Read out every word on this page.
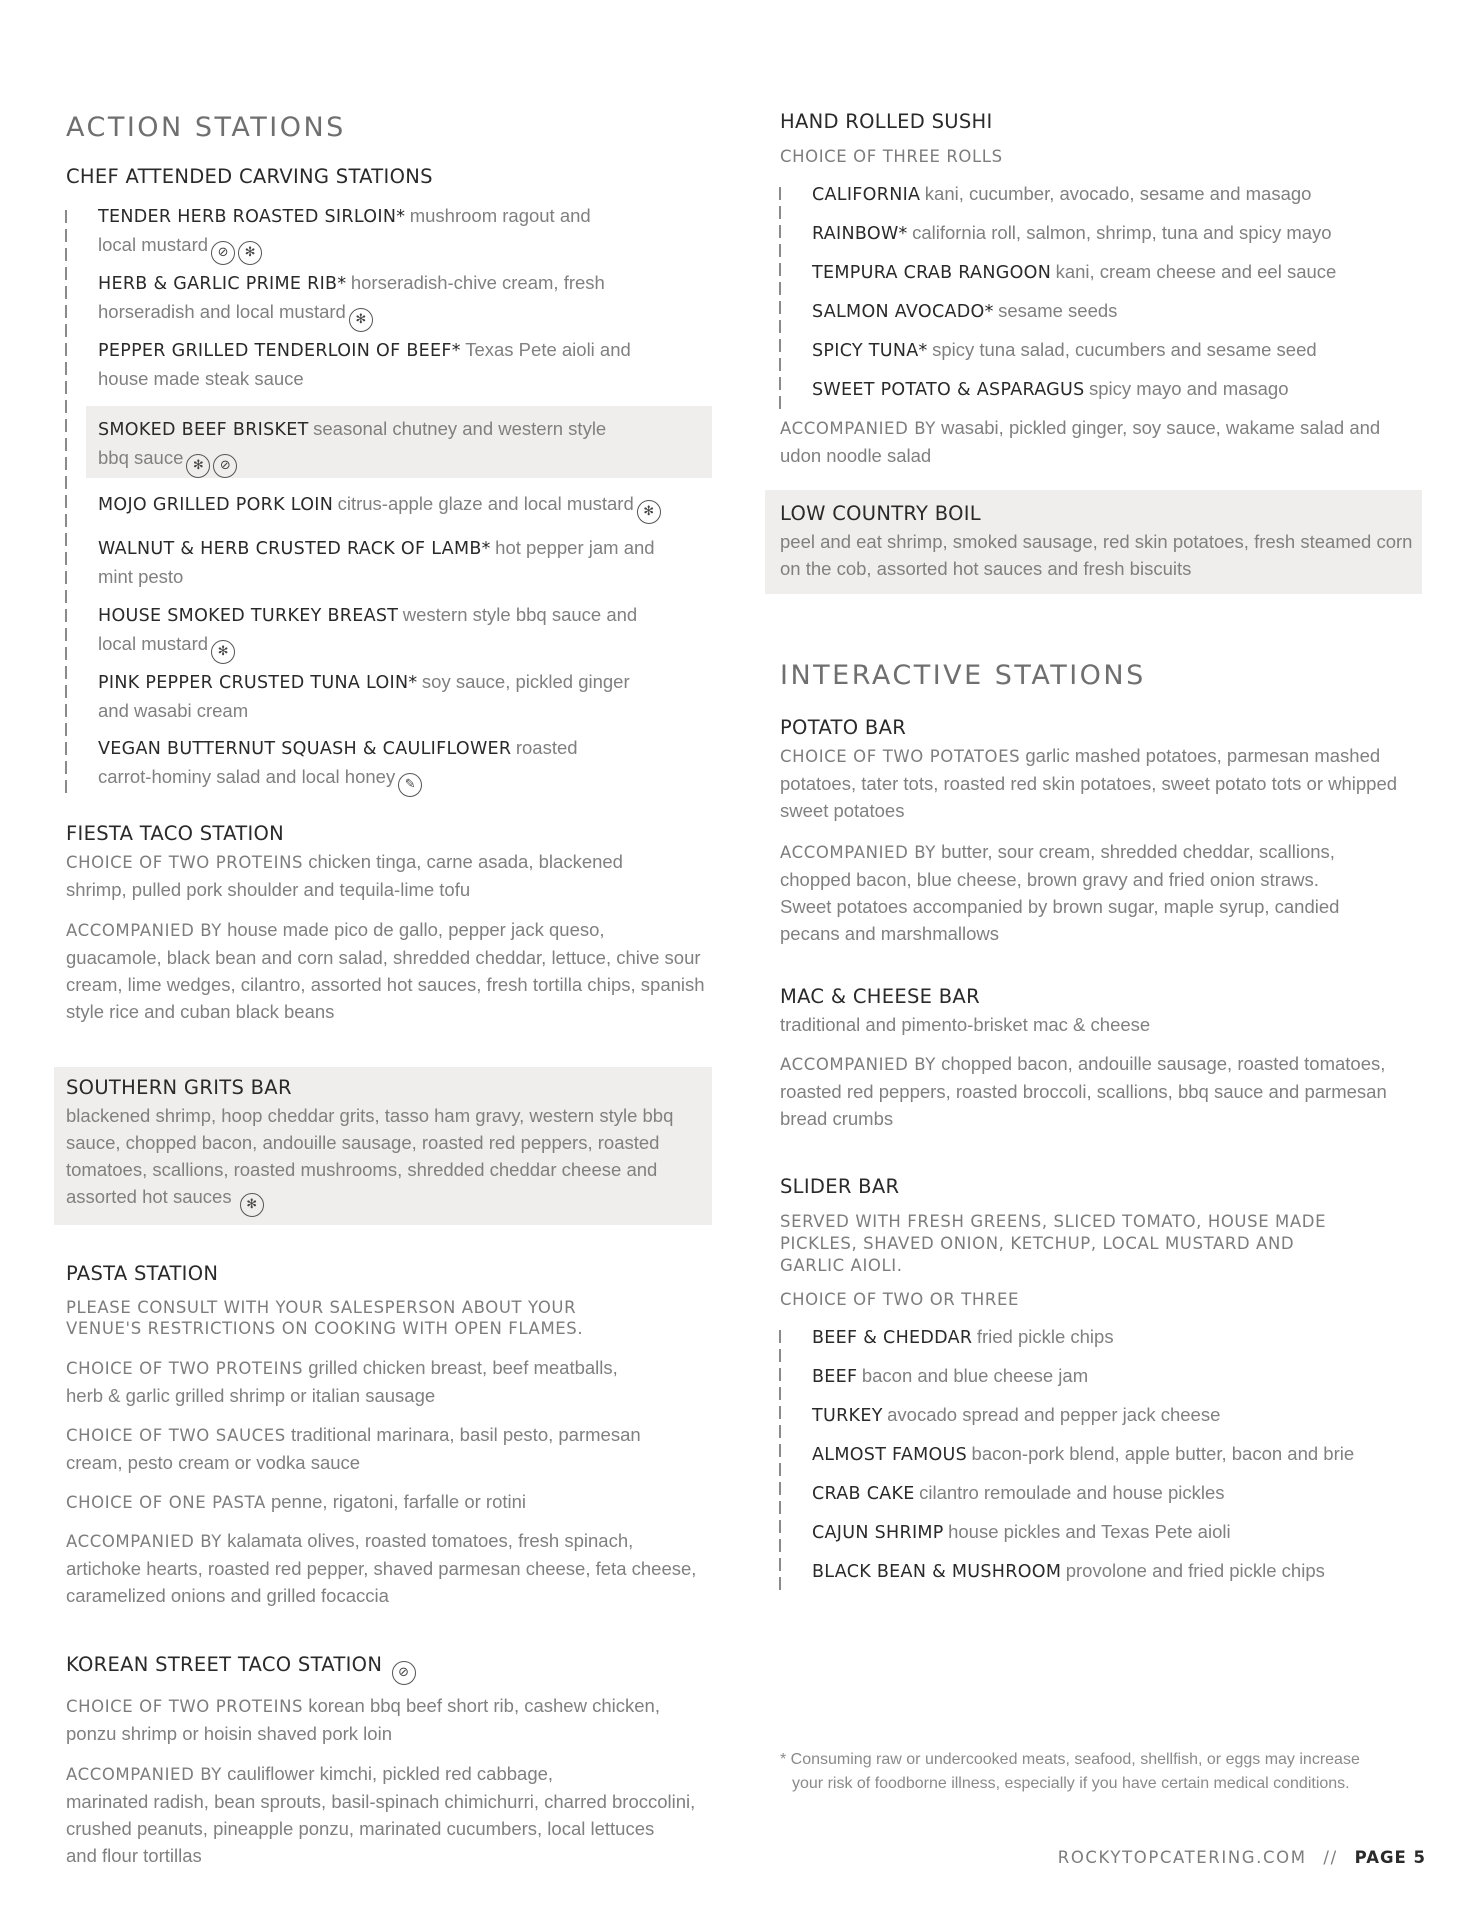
ACTION STATIONS
CHEF ATTENDED CARVING STATIONS
TENDER HERB ROASTED SIRLOIN* mushroom ragout and
local mustard ⊘ ✻
HERB & GARLIC PRIME RIB* horseradish-chive cream, fresh
horseradish and local mustard ✻
PEPPER GRILLED TENDERLOIN OF BEEF* Texas Pete aioli and
house made steak sauce
SMOKED BEEF BRISKET seasonal chutney and western style
bbq sauce ✻ ⊘
MOJO GRILLED PORK LOIN citrus-apple glaze and local mustard ✻
WALNUT & HERB CRUSTED RACK OF LAMB* hot pepper jam and
mint pesto
HOUSE SMOKED TURKEY BREAST western style bbq sauce and
local mustard ✻
PINK PEPPER CRUSTED TUNA LOIN* soy sauce, pickled ginger
and wasabi cream
VEGAN BUTTERNUT SQUASH & CAULIFLOWER roasted
carrot-hominy salad and local honey ✎
FIESTA TACO STATION
CHOICE OF TWO PROTEINS chicken tinga, carne asada, blackened
shrimp, pulled pork shoulder and tequila-lime tofu
ACCOMPANIED BY house made pico de gallo, pepper jack queso,
guacamole, black bean and corn salad, shredded cheddar, lettuce, chive sour
cream, lime wedges, cilantro, assorted hot sauces, fresh tortilla chips, spanish
style rice and cuban black beans
SOUTHERN GRITS BAR
blackened shrimp, hoop cheddar grits, tasso ham gravy, western style bbq
sauce, chopped bacon, andouille sausage, roasted red peppers, roasted
tomatoes, scallions, roasted mushrooms, shredded cheddar cheese and
assorted hot sauces ✻
PASTA STATION
PLEASE CONSULT WITH YOUR SALESPERSON ABOUT YOUR
VENUE'S RESTRICTIONS ON COOKING WITH OPEN FLAMES.
CHOICE OF TWO PROTEINS grilled chicken breast, beef meatballs,
herb & garlic grilled shrimp or italian sausage
CHOICE OF TWO SAUCES traditional marinara, basil pesto, parmesan
cream, pesto cream or vodka sauce
CHOICE OF ONE PASTA penne, rigatoni, farfalle or rotini
ACCOMPANIED BY kalamata olives, roasted tomatoes, fresh spinach,
artichoke hearts, roasted red pepper, shaved parmesan cheese, feta cheese,
caramelized onions and grilled focaccia
KOREAN STREET TACO STATION ⊘
CHOICE OF TWO PROTEINS korean bbq beef short rib, cashew chicken,
ponzu shrimp or hoisin shaved pork loin
ACCOMPANIED BY cauliflower kimchi, pickled red cabbage,
marinated radish, bean sprouts, basil-spinach chimichurri, charred broccolini,
crushed peanuts, pineapple ponzu, marinated cucumbers, local lettuces
and flour tortillas
HAND ROLLED SUSHI
CHOICE OF THREE ROLLS
CALIFORNIA kani, cucumber, avocado, sesame and masago
RAINBOW* california roll, salmon, shrimp, tuna and spicy mayo
TEMPURA CRAB RANGOON kani, cream cheese and eel sauce
SALMON AVOCADO* sesame seeds
SPICY TUNA* spicy tuna salad, cucumbers and sesame seed
SWEET POTATO & ASPARAGUS spicy mayo and masago
ACCOMPANIED BY wasabi, pickled ginger, soy sauce, wakame salad and
udon noodle salad
LOW COUNTRY BOIL
peel and eat shrimp, smoked sausage, red skin potatoes, fresh steamed corn
on the cob, assorted hot sauces and fresh biscuits
INTERACTIVE STATIONS
POTATO BAR
CHOICE OF TWO POTATOES garlic mashed potatoes, parmesan mashed
potatoes, tater tots, roasted red skin potatoes, sweet potato tots or whipped
sweet potatoes
ACCOMPANIED BY butter, sour cream, shredded cheddar, scallions,
chopped bacon, blue cheese, brown gravy and fried onion straws.
Sweet potatoes accompanied by brown sugar, maple syrup, candied
pecans and marshmallows
MAC & CHEESE BAR
traditional and pimento-brisket mac & cheese
ACCOMPANIED BY chopped bacon, andouille sausage, roasted tomatoes,
roasted red peppers, roasted broccoli, scallions, bbq sauce and parmesan
bread crumbs
SLIDER BAR
SERVED WITH FRESH GREENS, SLICED TOMATO, HOUSE MADE
PICKLES, SHAVED ONION, KETCHUP, LOCAL MUSTARD AND
GARLIC AIOLI.
CHOICE OF TWO OR THREE
BEEF & CHEDDAR fried pickle chips
BEEF bacon and blue cheese jam
TURKEY avocado spread and pepper jack cheese
ALMOST FAMOUS bacon-pork blend, apple butter, bacon and brie
CRAB CAKE cilantro remoulade and house pickles
CAJUN SHRIMP house pickles and Texas Pete aioli
BLACK BEAN & MUSHROOM provolone and fried pickle chips
* Consuming raw or undercooked meats, seafood, shellfish, or eggs may increase
your risk of foodborne illness, especially if you have certain medical conditions.
ROCKYTOPCATERING.COM // PAGE 5
